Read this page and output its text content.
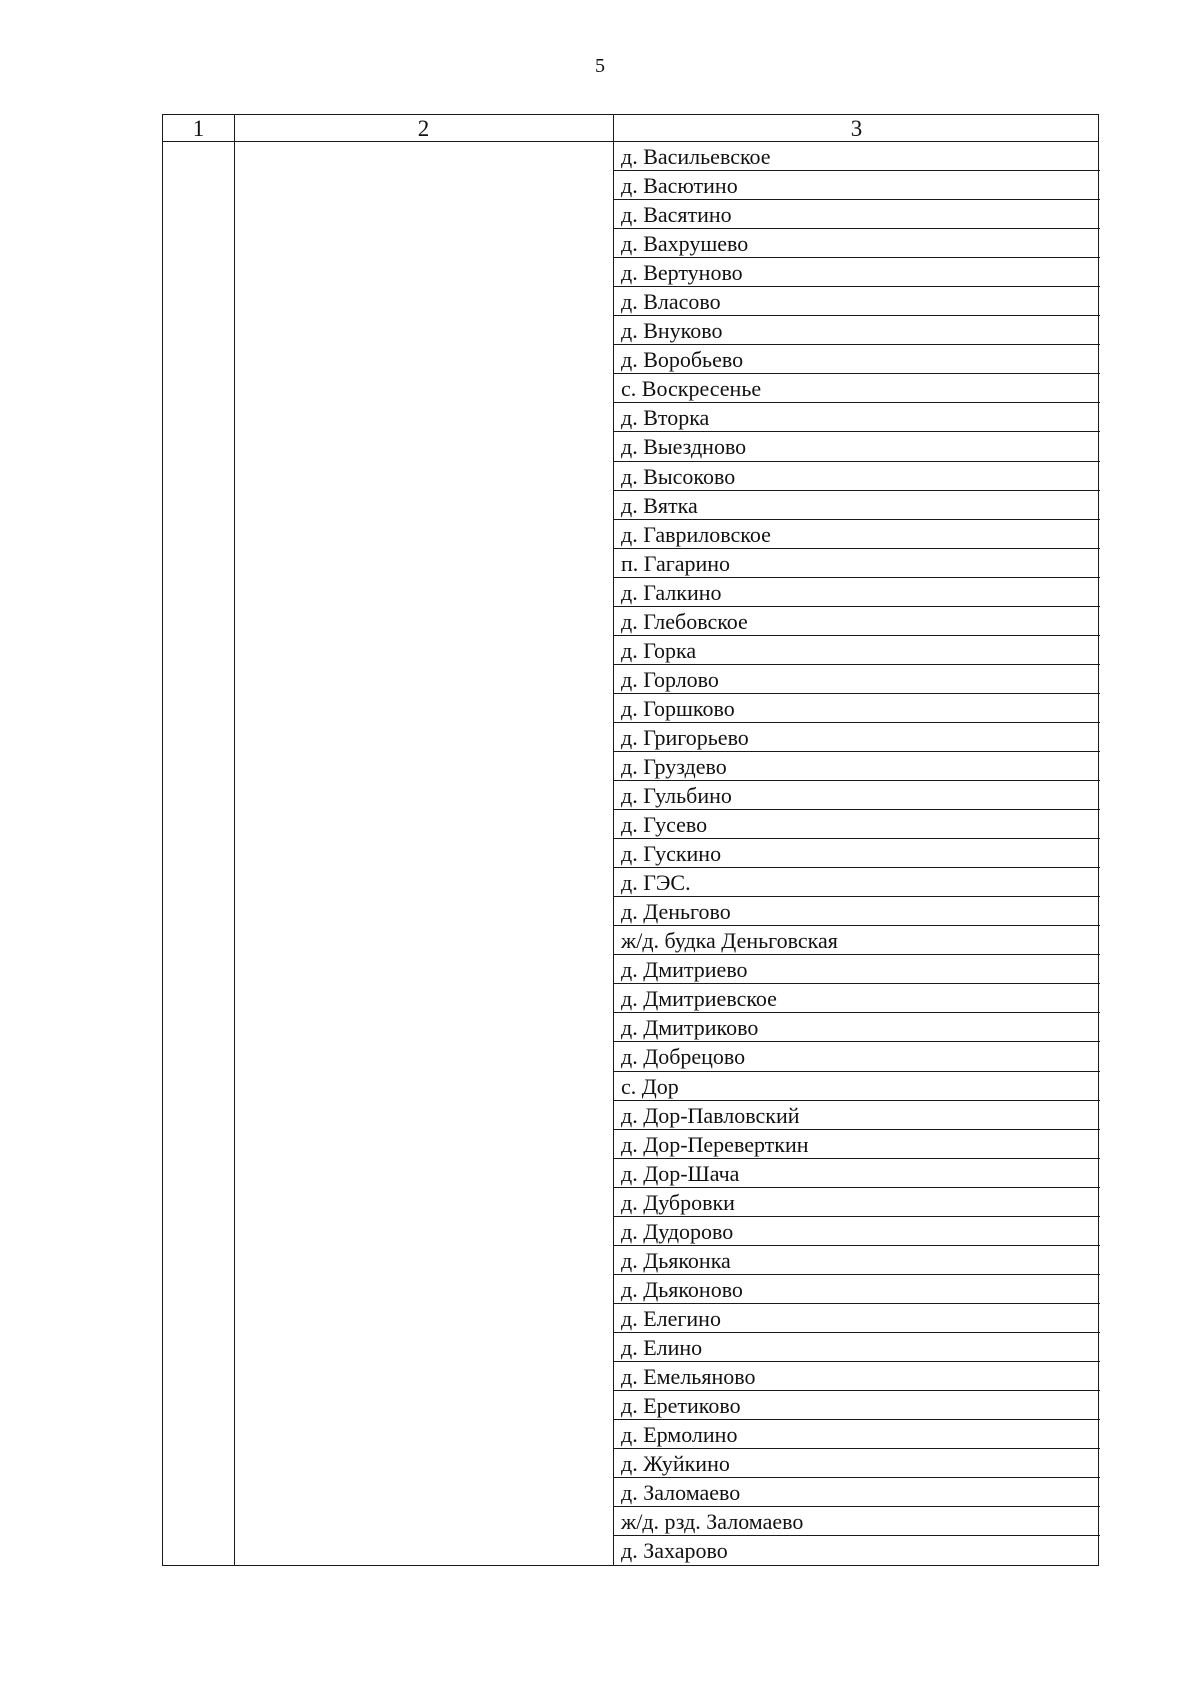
5
1	2	3
д. Васильевское
д. Васютино
д. Васятино
д. Вахрушево
д. Вертуново
д. Власово
д. Внуково
д. Воробьево
с. Воскресенье
д. Вторка
д. Выездново
д. Высоково
д. Вятка
д. Гавриловское
п. Гагарино
д. Галкино
д. Глебовское
д. Горка
д. Горлово
д. Горшково
д. Григорьево
д. Груздево
д. Гульбино
д. Гусево
д. Гускино
д. ГЭС.
д. Деньгово
ж/д. будка Деньговская
д. Дмитриево
д. Дмитриевское
д. Дмитриково
д. Добрецово
с. Дор
д. Дор-Павловский
д. Дор-Переверткин
д. Дор-Шача
д. Дубровки
д. Дудорово
д. Дьяконка
д. Дьяконово
д. Елегино
д. Елино
д. Емельяново
д. Еретиково
д. Ермолино
д. Жуйкино
д. Заломаево
ж/д. рзд. Заломаево
д. Захарово
